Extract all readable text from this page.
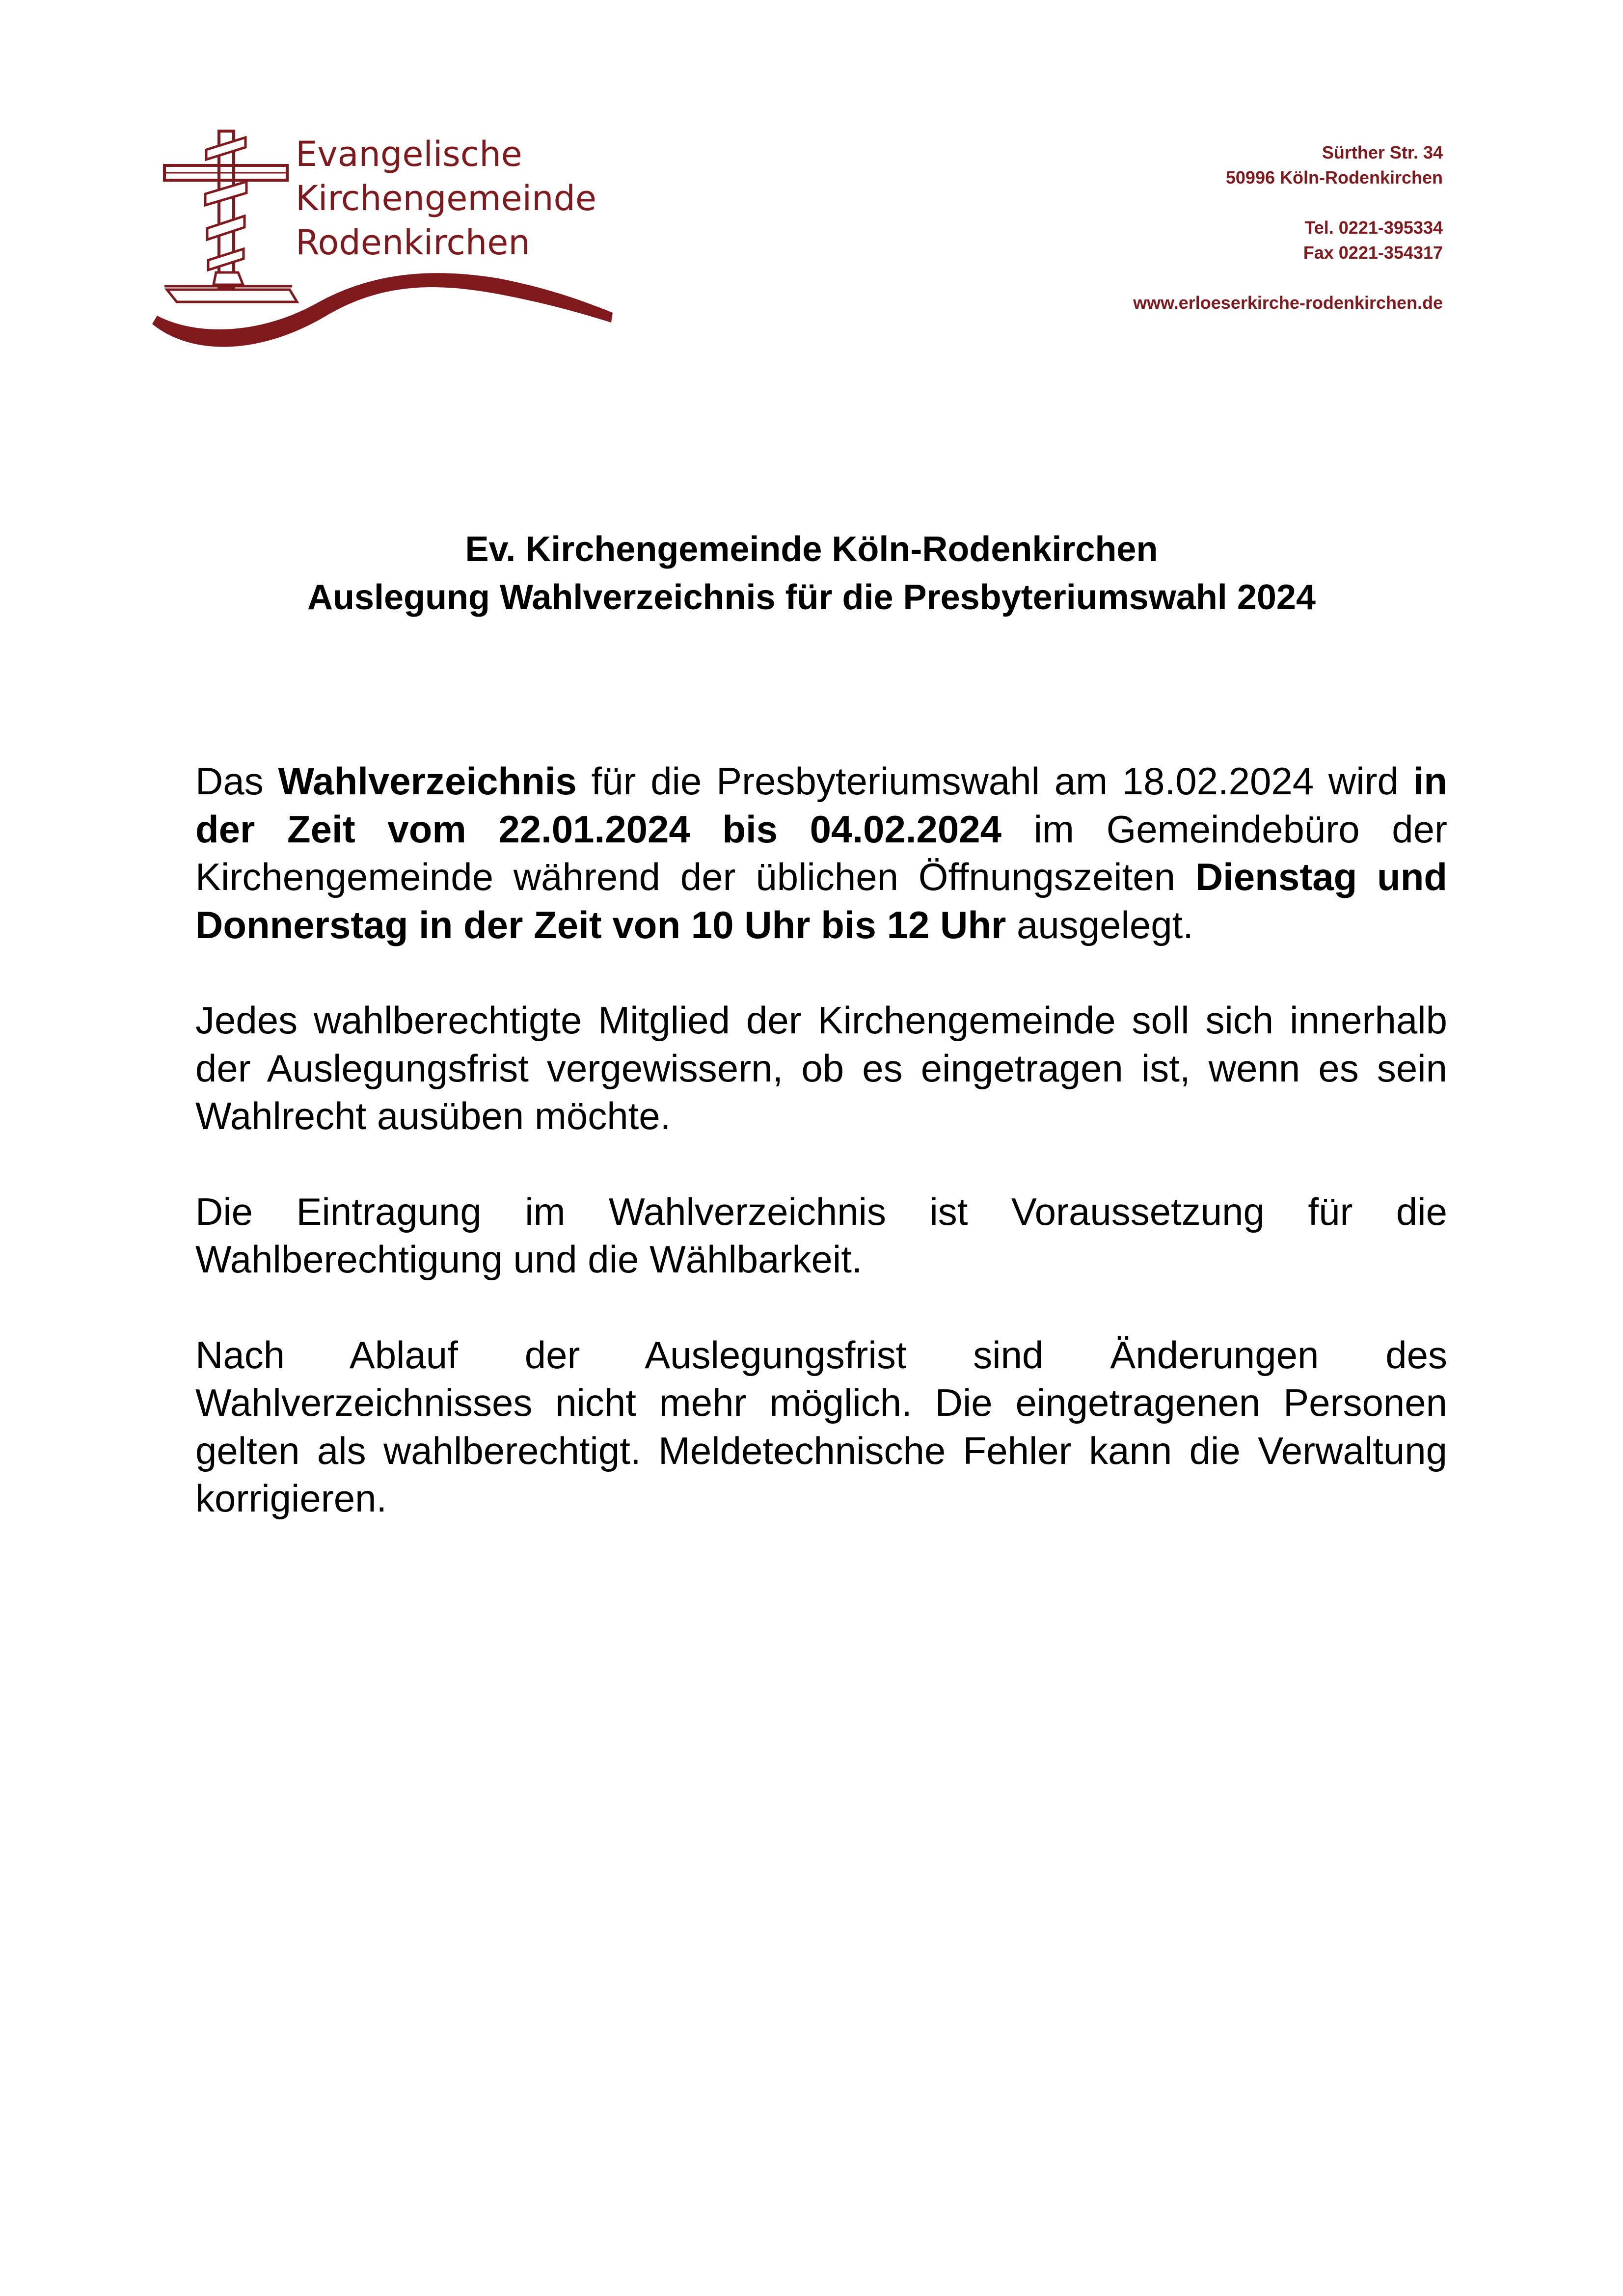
Evangelische
Kirchengemeinde
Rodenkirchen
Sürther Str. 34
50996 Köln-Rodenkirchen
Tel. 0221-395334
Fax 0221-354317
www.erloeserkirche-rodenkirchen.de
Ev. Kirchengemeinde Köln-Rodenkirchen
Auslegung Wahlverzeichnis für die Presbyteriumswahl 2024

Das Wahlverzeichnis für die Presbyteriumswahl am 18.02.2024 wird in der Zeit vom 22.01.2024 bis 04.02.2024 im Gemeindebüro der Kirchengemeinde während der üblichen Öffnungszeiten Dienstag und Donnerstag in der Zeit von 10 Uhr bis 12 Uhr ausgelegt.

Jedes wahlberechtigte Mitglied der Kirchengemeinde soll sich innerhalb der Auslegungsfrist vergewissern, ob es eingetragen ist, wenn es sein Wahlrecht ausüben möchte.

Die Eintragung im Wahlverzeichnis ist Voraussetzung für die Wahlberechtigung und die Wählbarkeit.

Nach Ablauf der Auslegungsfrist sind Änderungen des Wahlverzeichnisses nicht mehr möglich. Die eingetragenen Personen gelten als wahlberechtigt. Meldetechnische Fehler kann die Verwaltung korrigieren.
